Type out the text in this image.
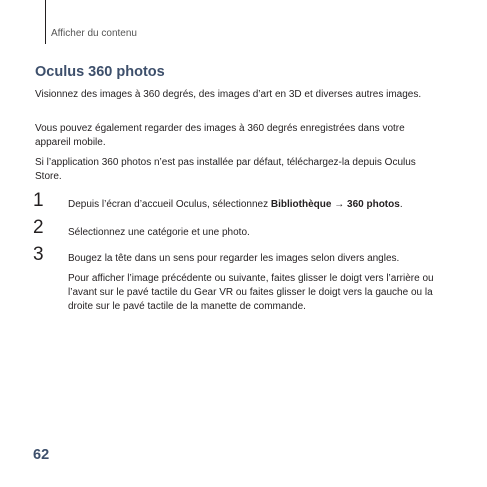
Afficher du contenu
Oculus 360 photos
Visionnez des images à 360 degrés, des images d’art en 3D et diverses autres images.
Vous pouvez également regarder des images à 360 degrés enregistrées dans votre appareil mobile.
Si l’application 360 photos n’est pas installée par défaut, téléchargez-la depuis Oculus Store.
1 Depuis l’écran d’accueil Oculus, sélectionnez Bibliothèque → 360 photos.
2 Sélectionnez une catégorie et une photo.
3 Bougez la tête dans un sens pour regarder les images selon divers angles.
Pour afficher l’image précédente ou suivante, faites glisser le doigt vers l’arrière ou l’avant sur le pavé tactile du Gear VR ou faites glisser le doigt vers la gauche ou la droite sur le pavé tactile de la manette de commande.
62
